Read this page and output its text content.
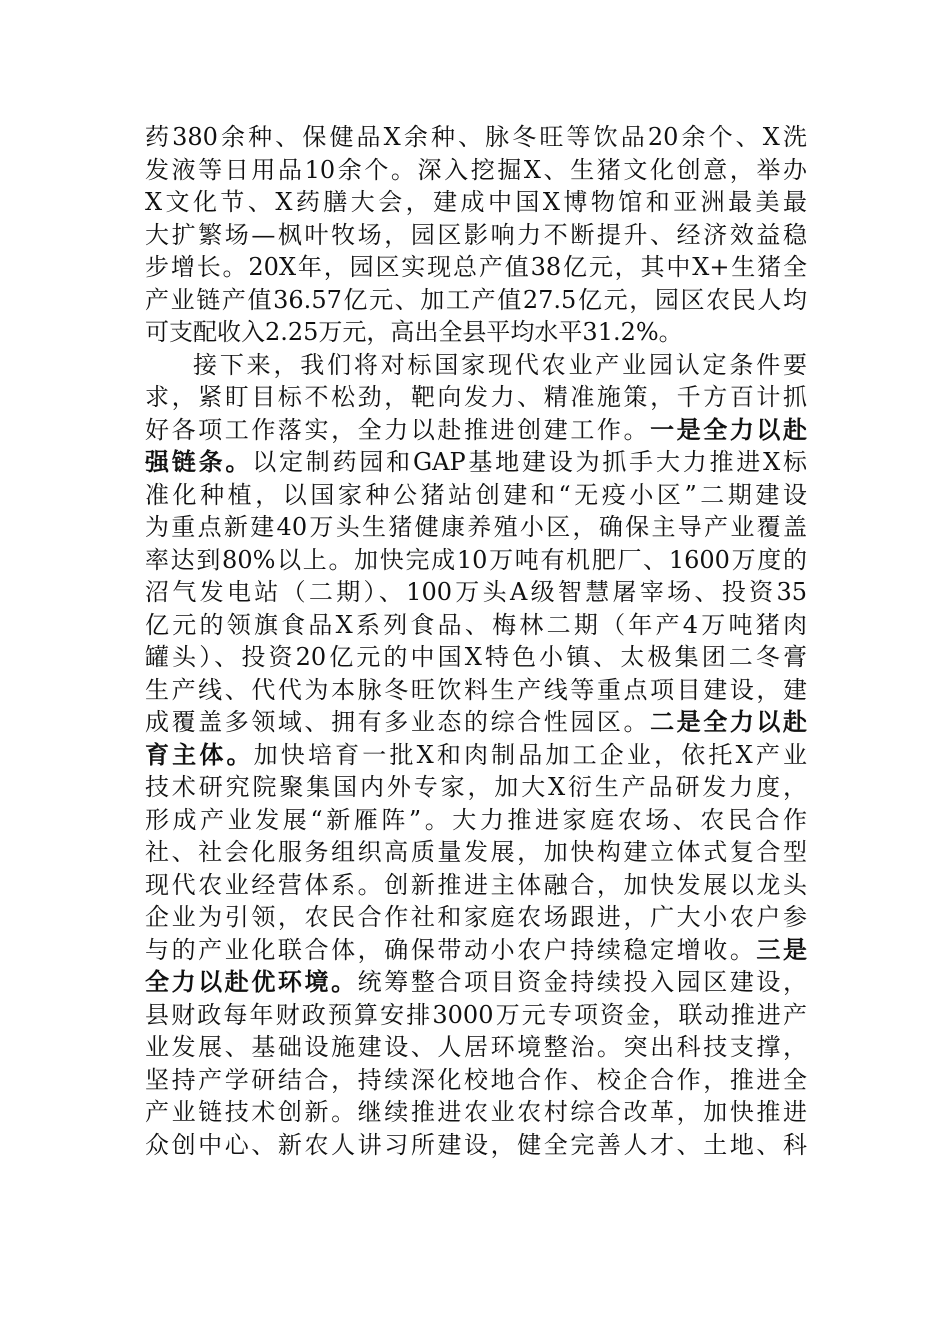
药380余种、保健品X余种、脉冬旺等饮品20余个、X洗
发液等日用品10余个。深入挖掘X、生猪文化创意，举办
X文化节、X药膳大会，建成中国X博物馆和亚洲最美最
大扩繁场—枫叶牧场，园区影响力不断提升、经济效益稳
步增长。20X年，园区实现总产值38亿元，其中X+生猪全
产业链产值36.57亿元、加工产值27.5亿元，园区农民人均
可支配收入2.25万元，高出全县平均水平31.2%。
接下来，我们将对标国家现代农业产业园认定条件要
求，紧盯目标不松劲，靶向发力、精准施策，千方百计抓
好各项工作落实，全力以赴推进创建工作。一是全力以赴
强链条。以定制药园和GAP基地建设为抓手大力推进X标
准化种植，以国家种公猪站创建和“无疫小区”二期建设
为重点新建40万头生猪健康养殖小区，确保主导产业覆盖
率达到80%以上。加快完成10万吨有机肥厂、1600万度的
沼气发电站（二期）、100万头A级智慧屠宰场、投资35
亿元的领旗食品X系列食品、梅林二期（年产4万吨猪肉
罐头）、投资20亿元的中国X特色小镇、太极集团二冬膏
生产线、代代为本脉冬旺饮料生产线等重点项目建设，建
成覆盖多领域、拥有多业态的综合性园区。二是全力以赴
育主体。加快培育一批X和肉制品加工企业，依托X产业
技术研究院聚集国内外专家，加大X衍生产品研发力度，
形成产业发展“新雁阵”。大力推进家庭农场、农民合作
社、社会化服务组织高质量发展，加快构建立体式复合型
现代农业经营体系。创新推进主体融合，加快发展以龙头
企业为引领，农民合作社和家庭农场跟进，广大小农户参
与的产业化联合体，确保带动小农户持续稳定增收。三是
全力以赴优环境。统筹整合项目资金持续投入园区建设，
县财政每年财政预算安排3000万元专项资金，联动推进产
业发展、基础设施建设、人居环境整治。突出科技支撑，
坚持产学研结合，持续深化校地合作、校企合作，推进全
产业链技术创新。继续推进农业农村综合改革，加快推进
众创中心、新农人讲习所建设，健全完善人才、土地、科
